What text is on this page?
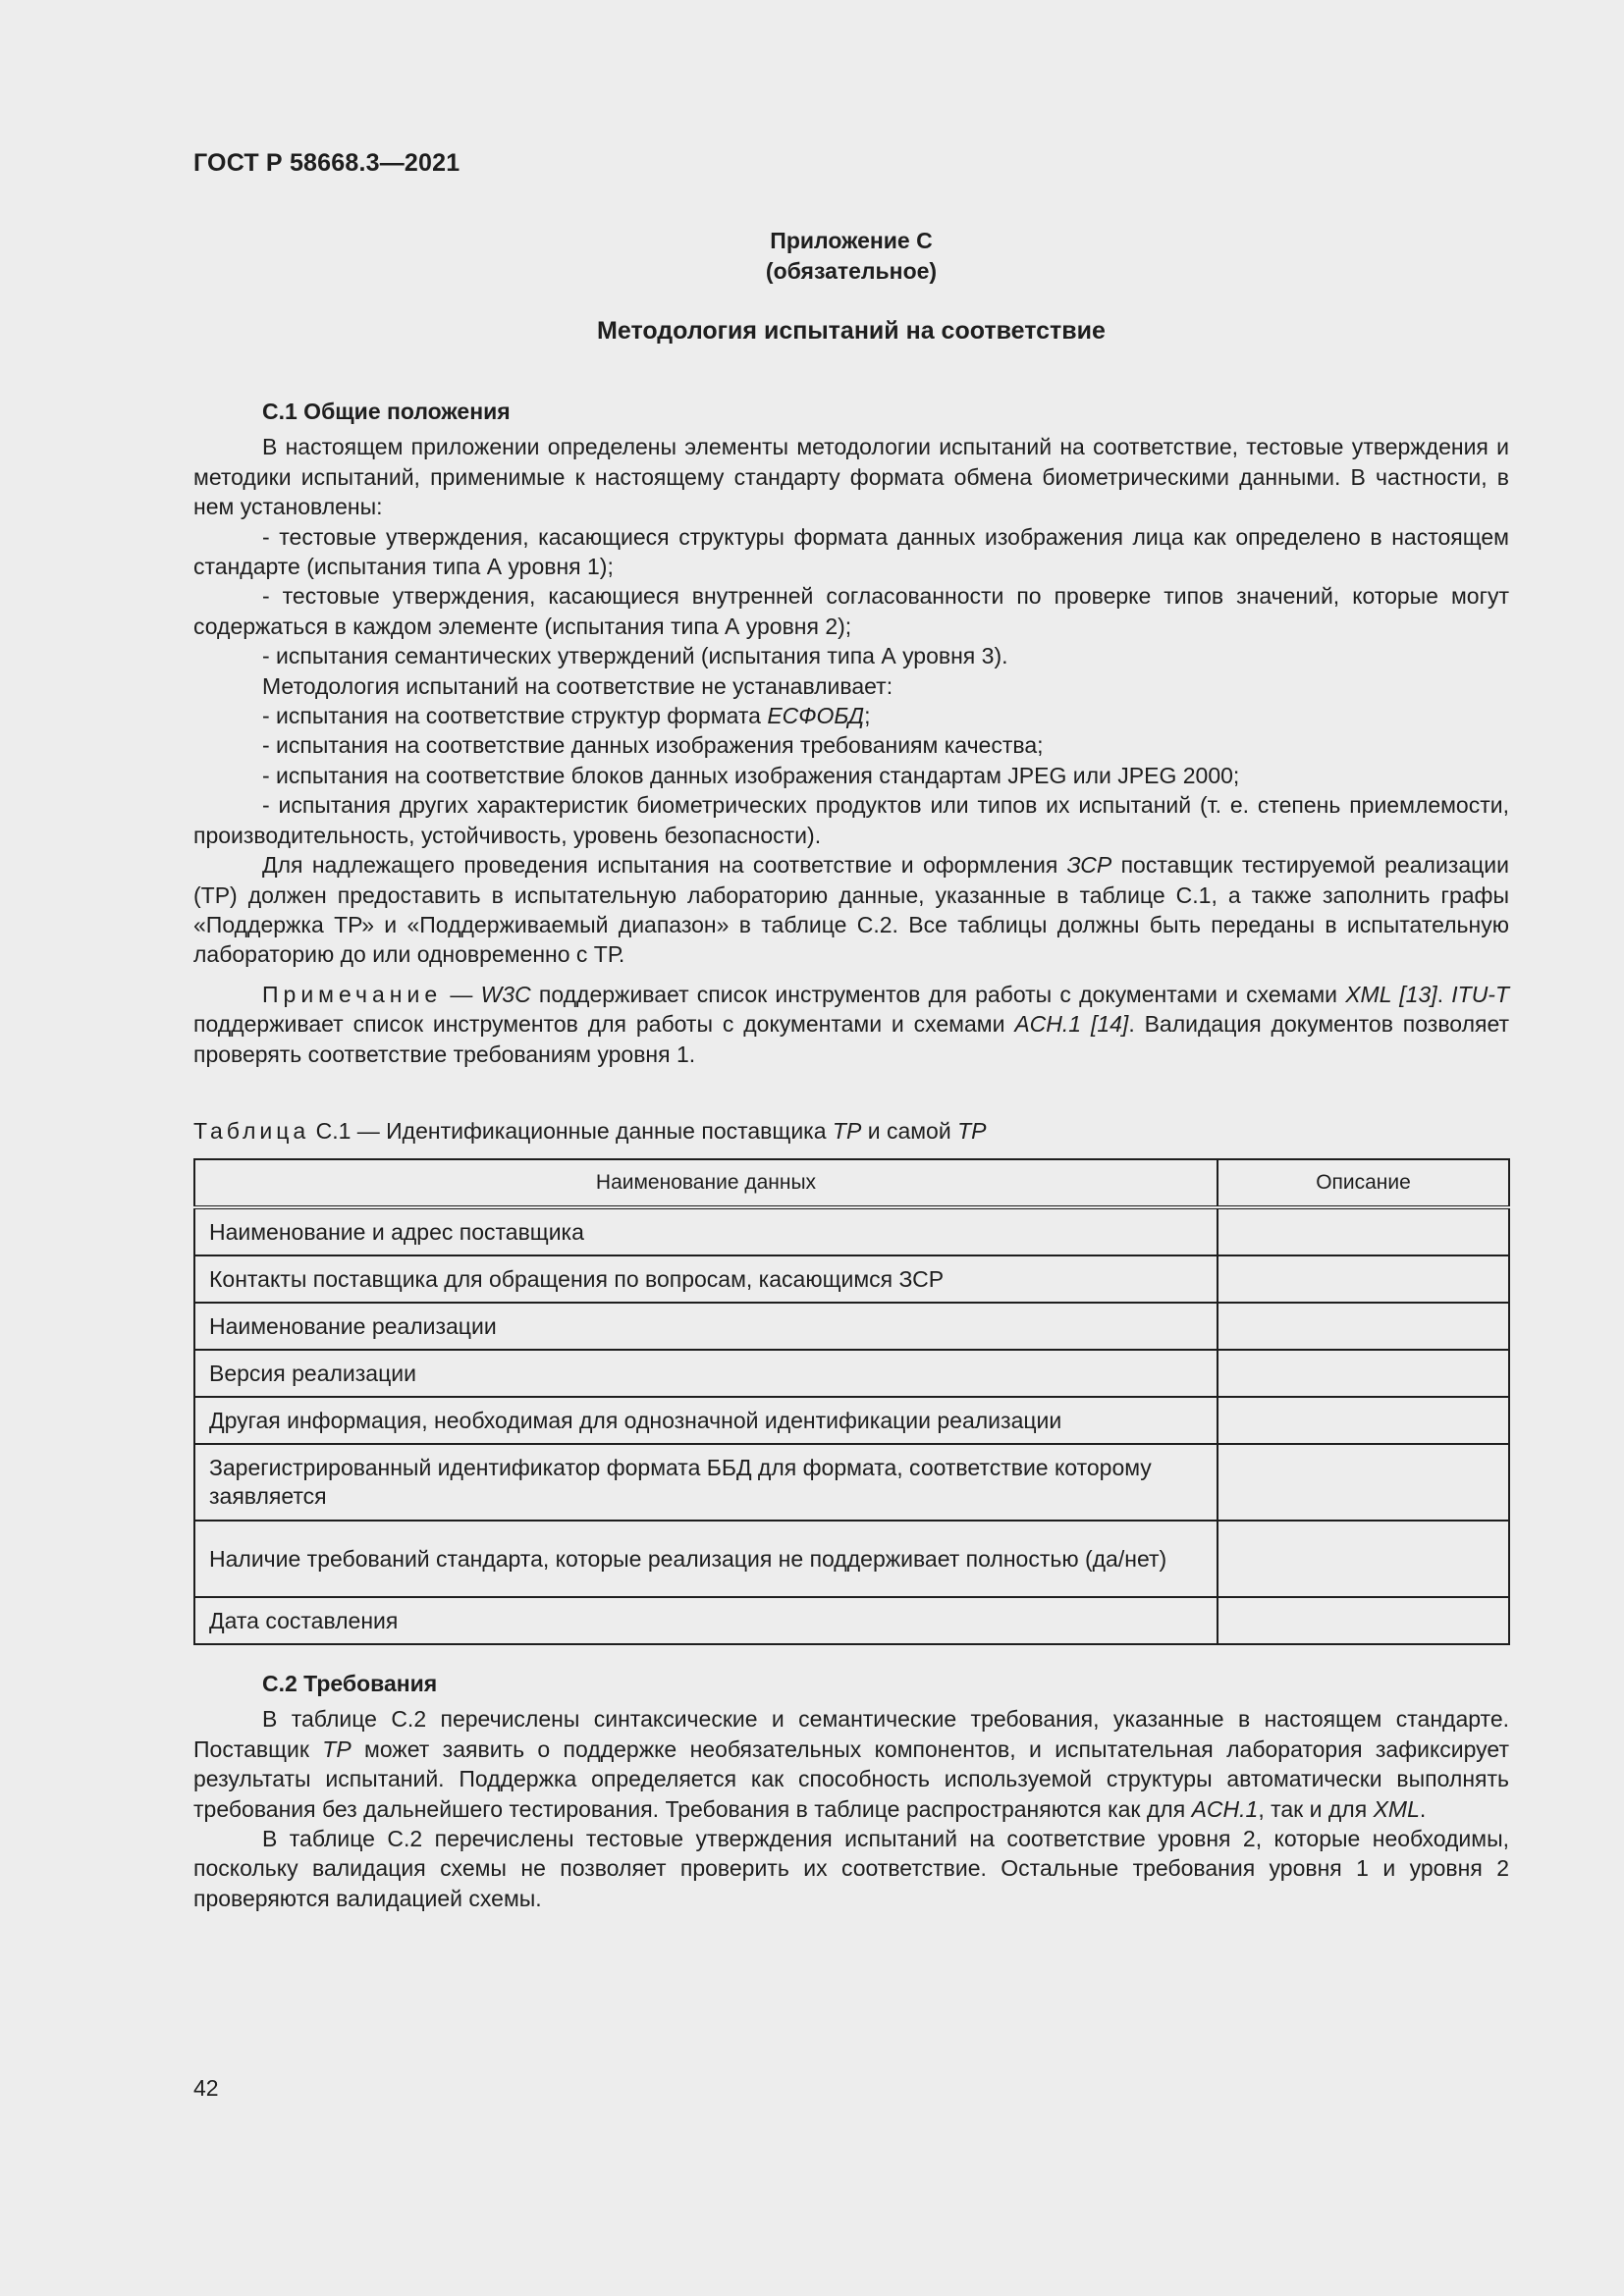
ГОСТ Р 58668.3—2021
Приложение С
(обязательное)
Методология испытаний на соответствие
С.1 Общие положения

В настоящем приложении определены элементы методологии испытаний на соответствие, тестовые утверждения и методики испытаний, применимые к настоящему стандарту формата обмена биометрическими данными. В частности, в нем установлены:

- тестовые утверждения, касающиеся структуры формата данных изображения лица как определено в настоящем стандарте (испытания типа А уровня 1);

- тестовые утверждения, касающиеся внутренней согласованности по проверке типов значений, которые могут содержаться в каждом элементе (испытания типа А уровня 2);

- испытания семантических утверждений (испытания типа А уровня 3).

Методология испытаний на соответствие не устанавливает:

- испытания на соответствие структур формата ЕСФОБД;

- испытания на соответствие данных изображения требованиям качества;

- испытания на соответствие блоков данных изображения стандартам JPEG или JPEG 2000;

- испытания других характеристик биометрических продуктов или типов их испытаний (т. е. степень приемлемости, производительность, устойчивость, уровень безопасности).

Для надлежащего проведения испытания на соответствие и оформления ЗСР поставщик тестируемой реализации (ТР) должен предоставить в испытательную лабораторию данные, указанные в таблице С.1, а также заполнить графы «Поддержка ТР» и «Поддерживаемый диапазон» в таблице С.2. Все таблицы должны быть переданы в испытательную лабораторию до или одновременно с ТР.

Примечание — W3C поддерживает список инструментов для работы с документами и схемами XML [13]. ITU-T поддерживает список инструментов для работы с документами и схемами ACH.1 [14]. Валидация документов позволяет проверять соответствие требованиям уровня 1.

Таблица С.1 — Идентификационные данные поставщика ТР и самой ТР
Наименование данных	Описание
Наименование и адрес поставщика	
Контакты поставщика для обращения по вопросам, касающимся ЗСР	
Наименование реализации	
Версия реализации	
Другая информация, необходимая для однозначной идентификации реализации	
Зарегистрированный идентификатор формата ББД для формата, соответствие которому заявляется	
Наличие требований стандарта, которые реализация не поддерживает полностью (да/нет)	
Дата составления	
С.2 Требования

В таблице С.2 перечислены синтаксические и семантические требования, указанные в настоящем стандарте. Поставщик ТР может заявить о поддержке необязательных компонентов, и испытательная лаборатория зафиксирует результаты испытаний. Поддержка определяется как способность используемой структуры автоматически выполнять требования без дальнейшего тестирования. Требования в таблице распространяются как для ACH.1, так и для XML.

В таблице С.2 перечислены тестовые утверждения испытаний на соответствие уровня 2, которые необходимы, поскольку валидация схемы не позволяет проверить их соответствие. Остальные требования уровня 1 и уровня 2 проверяются валидацией схемы.

42
